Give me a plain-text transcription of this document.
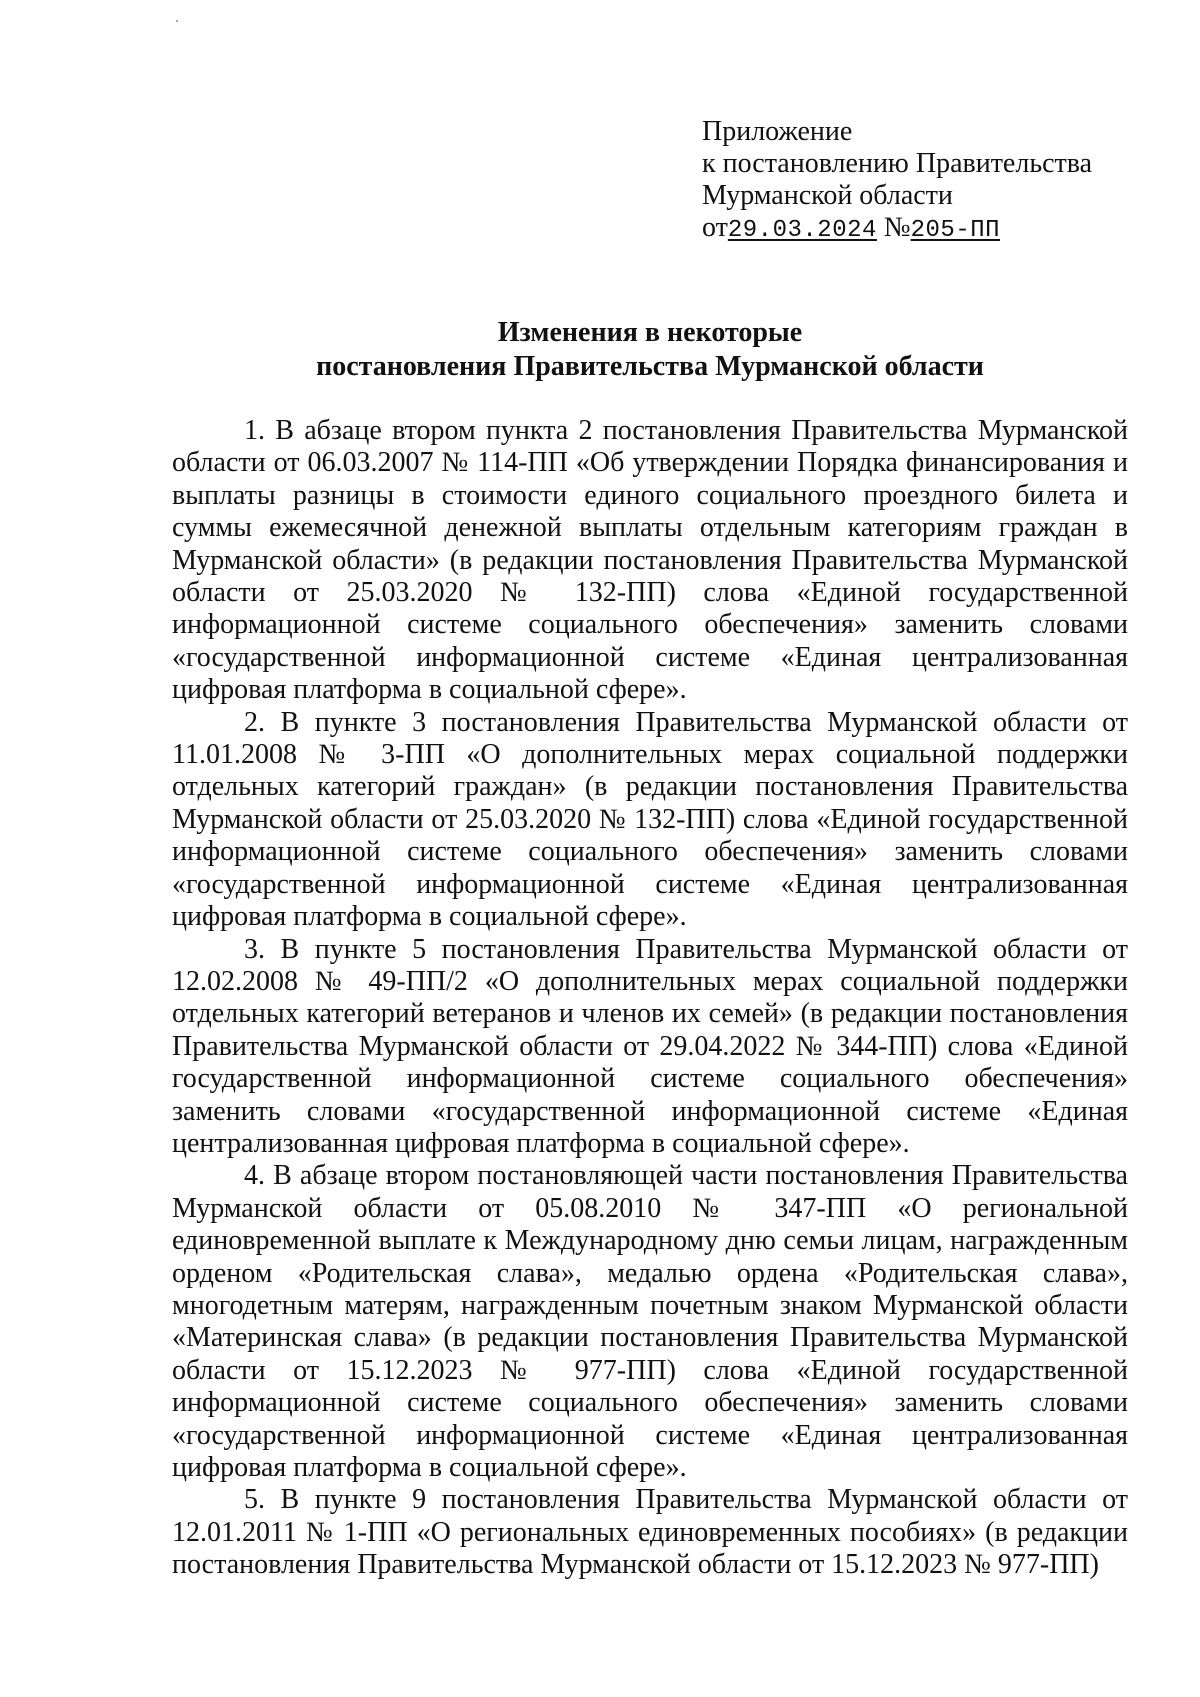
Приложение
к постановлению Правительства
Мурманской области
от29.03.2024 №205-ПП
Изменения в некоторые
постановления Правительства Мурманской области

1. В абзаце втором пункта 2 постановления Правительства Мурманской области от 06.03.2007 № 114-ПП «Об утверждении Порядка финансирования и выплаты разницы в стоимости единого социального проездного билета и суммы ежемесячной денежной выплаты отдельным категориям граждан в Мурманской области» (в редакции постановления Правительства Мурманской области от 25.03.2020 № 132-ПП) слова «Единой государственной информационной системе социального обеспечения» заменить словами «государственной информационной системе «Единая централизованная цифровая платформа в социальной сфере».

2. В пункте 3 постановления Правительства Мурманской области от 11.01.2008 № 3-ПП «О дополнительных мерах социальной поддержки отдельных категорий граждан» (в редакции постановления Правительства Мурманской области от 25.03.2020 № 132-ПП) слова «Единой государственной информационной системе социального обеспечения» заменить словами «государственной информационной системе «Единая централизованная цифровая платформа в социальной сфере».

3. В пункте 5 постановления Правительства Мурманской области от 12.02.2008 № 49-ПП/2 «О дополнительных мерах социальной поддержки отдельных категорий ветеранов и членов их семей» (в редакции постановления Правительства Мурманской области от 29.04.2022 № 344-ПП) слова «Единой государственной информационной системе социального обеспечения» заменить словами «государственной информационной системе «Единая централизованная цифровая платформа в социальной сфере».

4. В абзаце втором постановляющей части постановления Правительства Мурманской области от 05.08.2010 № 347-ПП «О региональной единовременной выплате к Международному дню семьи лицам, награжденным орденом «Родительская слава», медалью ордена «Родительская слава», многодетным матерям, награжденным почетным знаком Мурманской области «Материнская слава» (в редакции постановления Правительства Мурманской области от 15.12.2023 № 977-ПП) слова «Единой государственной информационной системе социального обеспечения» заменить словами «государственной информационной системе «Единая централизованная цифровая платформа в социальной сфере».

5. В пункте 9 постановления Правительства Мурманской области от 12.01.2011 № 1-ПП «О региональных единовременных пособиях» (в редакции постановления Правительства Мурманской области от 15.12.2023 № 977-ПП)
